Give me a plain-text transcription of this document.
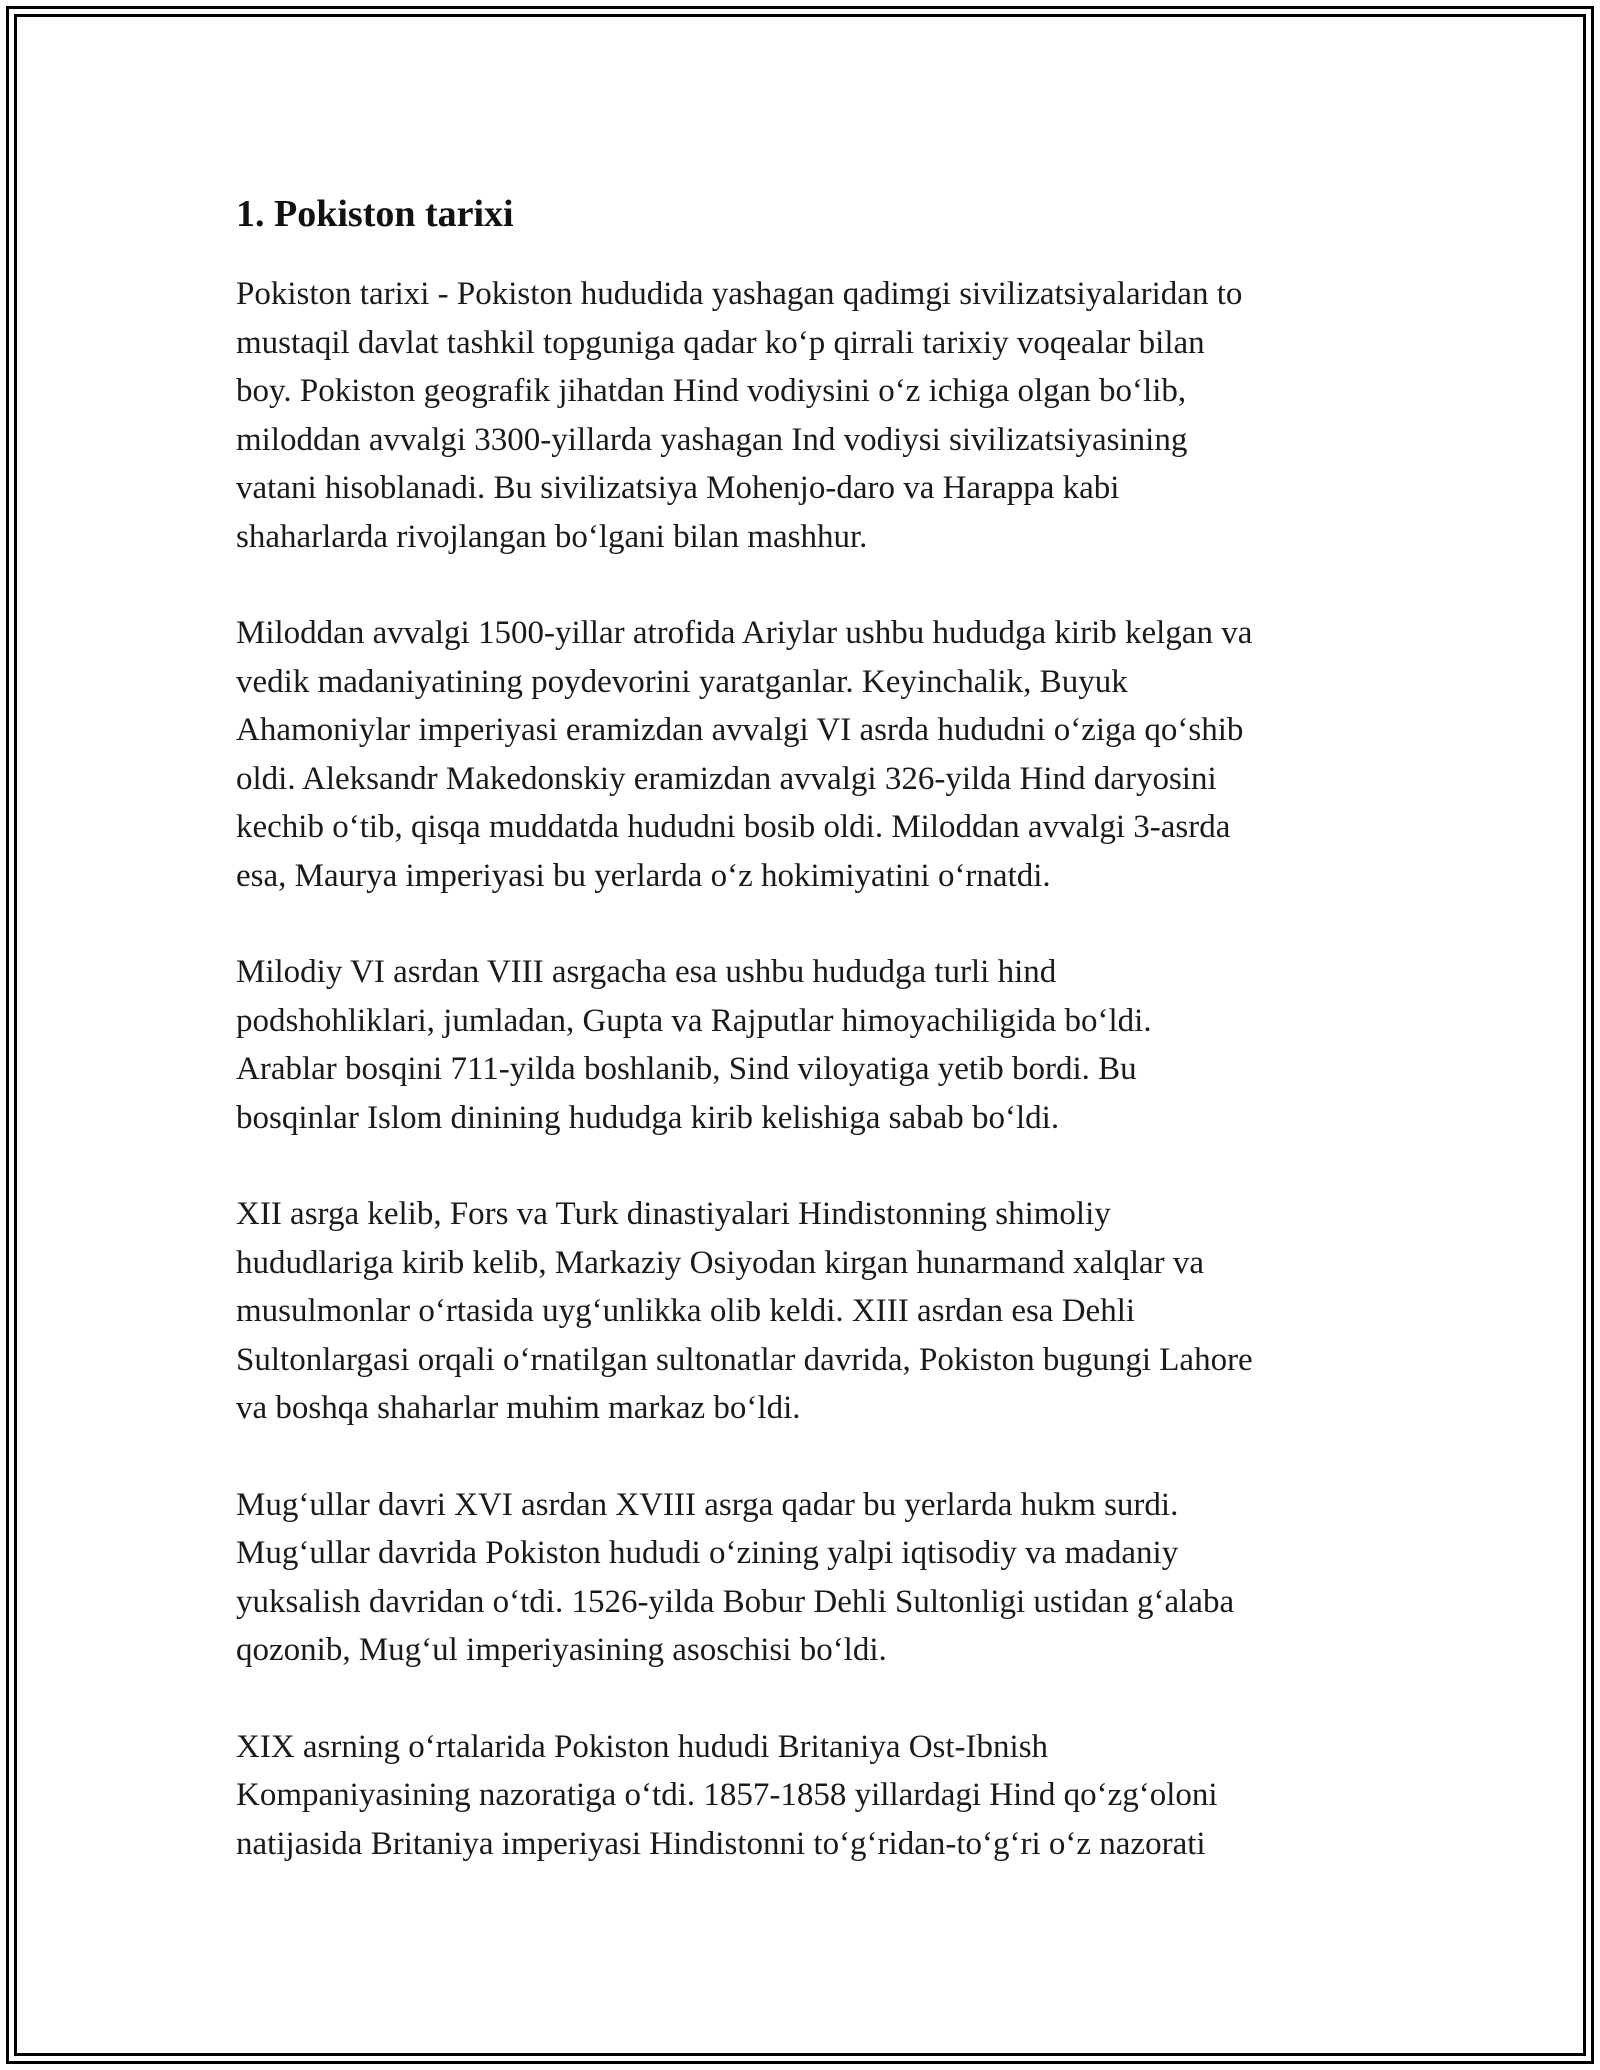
1. Pokiston tarixi

Pokiston tarixi - Pokiston hududida yashagan qadimgi sivilizatsiyalaridan to
mustaqil davlat tashkil topguniga qadar ko‘p qirrali tarixiy voqealar bilan
boy. Pokiston geografik jihatdan Hind vodiysini o‘z ichiga olgan bo‘lib,
miloddan avvalgi 3300-yillarda yashagan Ind vodiysi sivilizatsiyasining
vatani hisoblanadi. Bu sivilizatsiya Mohenjo-daro va Harappa kabi
shaharlarda rivojlangan bo‘lgani bilan mashhur.

Miloddan avvalgi 1500-yillar atrofida Ariylar ushbu hududga kirib kelgan va
vedik madaniyatining poydevorini yaratganlar. Keyinchalik, Buyuk
Ahamoniylar imperiyasi eramizdan avvalgi VI asrda hududni o‘ziga qo‘shib
oldi. Aleksandr Makedonskiy eramizdan avvalgi 326-yilda Hind daryosini
kechib o‘tib, qisqa muddatda hududni bosib oldi. Miloddan avvalgi 3-asrda
esa, Maurya imperiyasi bu yerlarda o‘z hokimiyatini o‘rnatdi.

Milodiy VI asrdan VIII asrgacha esa ushbu hududga turli hind
podshohliklari, jumladan, Gupta va Rajputlar himoyachiligida bo‘ldi.
Arablar bosqini 711-yilda boshlanib, Sind viloyatiga yetib bordi. Bu
bosqinlar Islom dinining hududga kirib kelishiga sabab bo‘ldi.

XII asrga kelib, Fors va Turk dinastiyalari Hindistonning shimoliy
hududlariga kirib kelib, Markaziy Osiyodan kirgan hunarmand xalqlar va
musulmonlar o‘rtasida uyg‘unlikka olib keldi. XIII asrdan esa Dehli
Sultonlargasi orqali o‘rnatilgan sultonatlar davrida, Pokiston bugungi Lahore
va boshqa shaharlar muhim markaz bo‘ldi.

Mug‘ullar davri XVI asrdan XVIII asrga qadar bu yerlarda hukm surdi.
Mug‘ullar davrida Pokiston hududi o‘zining yalpi iqtisodiy va madaniy
yuksalish davridan o‘tdi. 1526-yilda Bobur Dehli Sultonligi ustidan g‘alaba
qozonib, Mug‘ul imperiyasining asoschisi bo‘ldi.

XIX asrning o‘rtalarida Pokiston hududi Britaniya Ost-Ibnish
Kompaniyasining nazoratiga o‘tdi. 1857-1858 yillardagi Hind qo‘zg‘oloni
natijasida Britaniya imperiyasi Hindistonni to‘g‘ridan-to‘g‘ri o‘z nazorati
